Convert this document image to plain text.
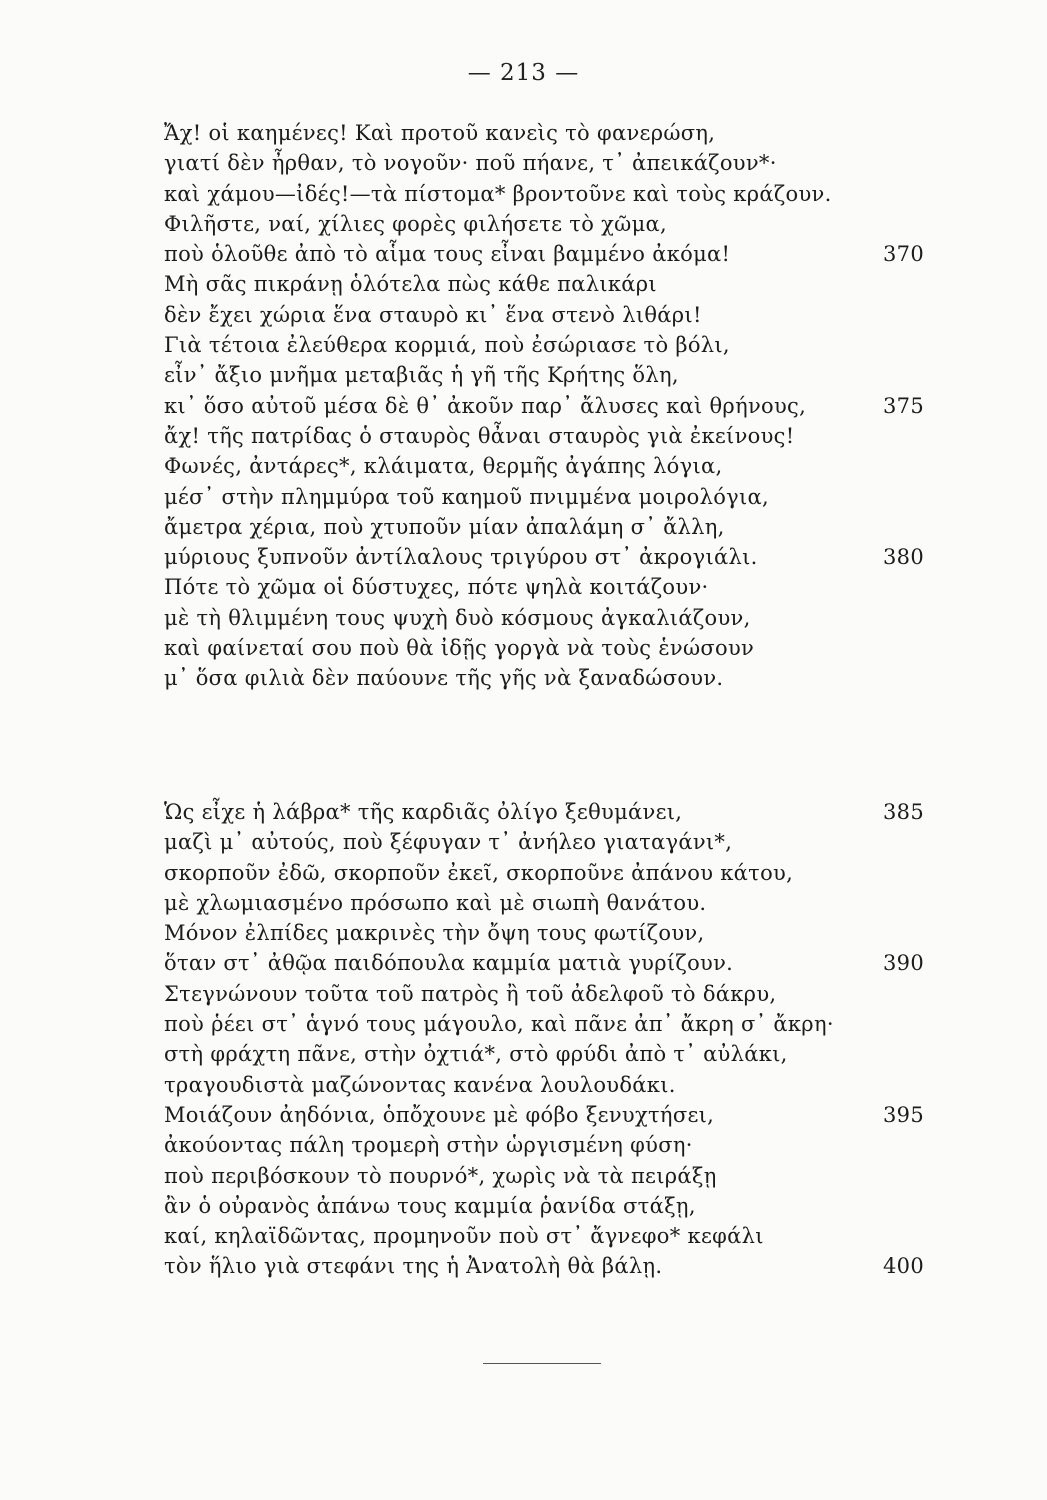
— 213 —
Ἄχ! οἱ καημένες! Καὶ προτοῦ κανεὶς τὸ φανερώση,
γιατί δὲν ἦρθαν, τὸ νογοῦν· ποῦ πήανε, τ᾽ ἀπεικάζουν*·
καὶ χάμου—ἰδές!—τὰ πίστομα* βροντοῦνε καὶ τοὺς κράζουν.
Φιλῆστε, ναί, χίλιες φορὲς φιλήσετε τὸ χῶμα,
ποὺ ὁλοῦθε ἀπὸ τὸ αἷμα τους εἶναι βαμμένο ἀκόμα!	370
Μὴ σᾶς πικράνῃ ὁλότελα πὼς κάθε παλικάρι
δὲν ἔχει χώρια ἕνα σταυρὸ κι᾽ ἕνα στενὸ λιθάρι!
Γιὰ τέτοια ἐλεύθερα κορμιά, ποὺ ἐσώριασε τὸ βόλι,
εἶν᾽ ἄξιο μνῆμα μεταβιᾶς ἡ γῆ τῆς Κρήτης ὅλη,
κι᾽ ὅσο αὐτοῦ μέσα δὲ θ᾽ ἀκοῦν παρ᾽ ἄλυσες καὶ θρήνους,	375
ἄχ! τῆς πατρίδας ὁ σταυρὸς θἆναι σταυρὸς γιὰ ἐκείνους!
Φωνές, ἀντάρες*, κλάιματα, θερμῆς ἀγάπης λόγια,
μέσ᾽ στὴν πλημμύρα τοῦ καημοῦ πνιμμένα μοιρολόγια,
ἄμετρα χέρια, ποὺ χτυποῦν μίαν ἀπαλάμη σ᾽ ἄλλη,
μύριους ξυπνοῦν ἀντίλαλους τριγύρου στ᾽ ἀκρογιάλι.	380
Πότε τὸ χῶμα οἱ δύστυχες, πότε ψηλὰ κοιτάζουν·
μὲ τὴ θλιμμένη τους ψυχὴ δυὸ κόσμους ἀγκαλιάζουν,
καὶ φαίνεταί σου ποὺ θὰ ἰδῇς γοργὰ νὰ τοὺς ἑνώσουν
μ᾽ ὅσα φιλιὰ δὲν παύουνε τῆς γῆς νὰ ξαναδώσουν.
Ὡς εἶχε ἡ λάβρα* τῆς καρδιᾶς ὀλίγο ξεθυμάνει,	385
μαζὶ μ᾽ αὐτούς, ποὺ ξέφυγαν τ᾽ ἀνήλεο γιαταγάνι*,
σκορποῦν ἐδῶ, σκορποῦν ἐκεῖ, σκορποῦνε ἀπάνου κάτου,
μὲ χλωμιασμένο πρόσωπο καὶ μὲ σιωπὴ θανάτου.
Μόνον ἐλπίδες μακρινὲς τὴν ὄψη τους φωτίζουν,
ὅταν στ᾽ ἀθῷα παιδόπουλα καμμία ματιὰ γυρίζουν.	390
Στεγνώνουν τοῦτα τοῦ πατρὸς ἢ τοῦ ἀδελφοῦ τὸ δάκρυ,
ποὺ ῥέει στ᾽ ἁγνό τους μάγουλο, καὶ πᾶνε ἀπ᾽ ἄκρη σ᾽ ἄκρη·
στὴ φράχτη πᾶνε, στὴν ὀχτιά*, στὸ φρύδι ἀπὸ τ᾽ αὐλάκι,
τραγουδιστὰ μαζώνοντας κανένα λουλουδάκι.
Μοιάζουν ἀηδόνια, ὁπὄχουνε μὲ φόβο ξενυχτήσει,	395
ἀκούοντας πάλη τρομερὴ στὴν ὡργισμένη φύση·
ποὺ περιβόσκουν τὸ πουρνό*, χωρὶς νὰ τὰ πειράξῃ
ἂν ὁ οὐρανὸς ἀπάνω τους καμμία ῥανίδα στάξῃ,
καί, κηλαϊδῶντας, προμηνοῦν ποὺ στ᾽ ἄγνεφο* κεφάλι
τὸν ἥλιο γιὰ στεφάνι της ἡ Ἀνατολὴ θὰ βάλῃ.	400
